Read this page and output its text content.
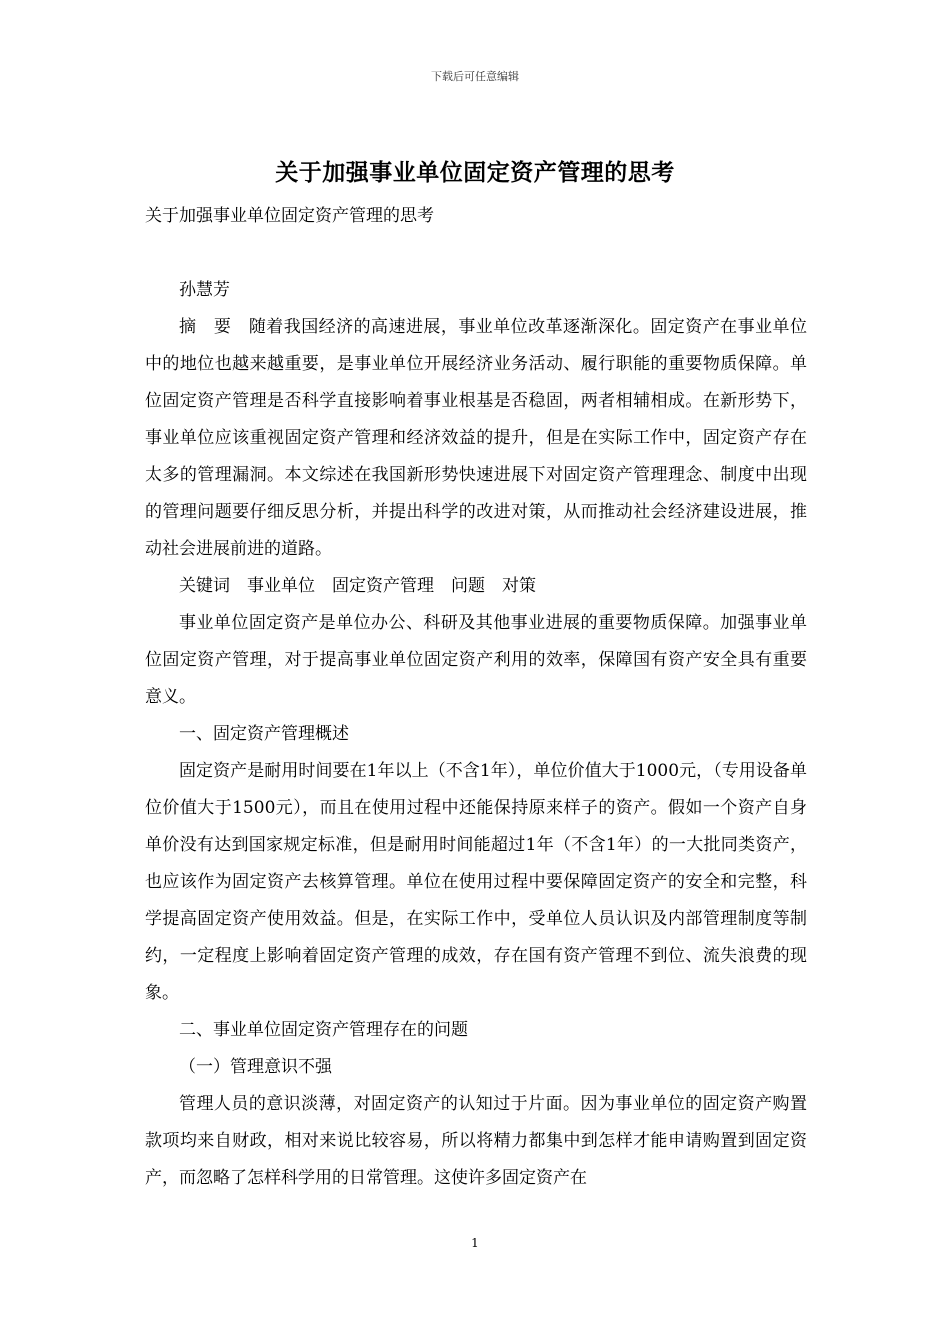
下载后可任意编辑
关于加强事业单位固定资产管理的思考

关于加强事业单位固定资产管理的思考

孙慧芳

摘　要　随着我国经济的高速进展，事业单位改革逐渐深化。固定资产在事业单位中的地位也越来越重要，是事业单位开展经济业务活动、履行职能的重要物质保障。单位固定资产管理是否科学直接影响着事业根基是否稳固，两者相辅相成。在新形势下，事业单位应该重视固定资产管理和经济效益的提升，但是在实际工作中，固定资产存在太多的管理漏洞。本文综述在我国新形势快速进展下对固定资产管理理念、制度中出现的管理问题要仔细反思分析，并提出科学的改进对策，从而推动社会经济建设进展，推动社会进展前进的道路。

关键词　事业单位　固定资产管理　问题　对策

事业单位固定资产是单位办公、科研及其他事业进展的重要物质保障。加强事业单位固定资产管理，对于提高事业单位固定资产利用的效率，保障国有资产安全具有重要意义。

一、固定资产管理概述

固定资产是耐用时间要在1年以上（不含1年），单位价值大于1000元，（专用设备单位价值大于1500元），而且在使用过程中还能保持原来样子的资产。假如一个资产自身单价没有达到国家规定标准，但是耐用时间能超过1年（不含1年）的一大批同类资产，也应该作为固定资产去核算管理。单位在使用过程中要保障固定资产的安全和完整，科学提高固定资产使用效益。但是，在实际工作中，受单位人员认识及内部管理制度等制约，一定程度上影响着固定资产管理的成效，存在国有资产管理不到位、流失浪费的现象。

二、事业单位固定资产管理存在的问题

（一）管理意识不强

管理人员的意识淡薄，对固定资产的认知过于片面。因为事业单位的固定资产购置款项均来自财政，相对来说比较容易，所以将精力都集中到怎样才能申请购置到固定资产，而忽略了怎样科学用的日常管理。这使许多固定资产在

1
